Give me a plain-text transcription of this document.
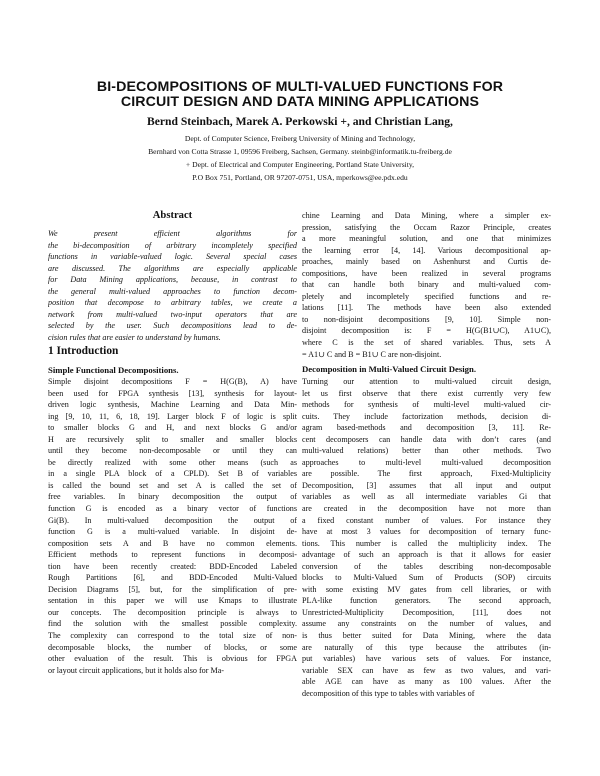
BI-DECOMPOSITIONS OF MULTI-VALUED FUNCTIONS FOR
CIRCUIT DESIGN AND DATA MINING APPLICATIONS
Bernd Steinbach, Marek A. Perkowski +, and Christian Lang,
Dept. of Computer Science, Freiberg University of Mining and Technology,
Bernhard von Cotta Strasse 1, 09596 Freiberg, Sachsen, Germany. steinb@informatik.tu-freiberg.de
+ Dept. of Electrical and Computer Engineering, Portland State University,
P.O Box 751, Portland, OR 97207-0751, USA, mperkows@ee.pdx.edu
Abstract
We present efficient algorithms for
the bi-decomposition of arbitrary incompletely specified
functions in variable-valued logic. Several special cases
are discussed. The algorithms are especially applicable
for Data Mining applications, because, in contrast to
the general multi-valued approaches to function decom-
position that decompose to arbitrary tables, we create a
network from multi-valued two-input operators that are
selected by the user. Such decompositions lead to de-
cision rules that are easier to understand by humans.
1 Introduction
Simple Functional Decompositions.
Simple disjoint decompositions F = H(G(B), A) have
been used for FPGA synthesis [13], synthesis for layout-
driven logic synthesis, Machine Learning and Data Min-
ing [9, 10, 11, 6, 18, 19]. Larger block F of logic is split
to smaller blocks G and H, and next blocks G and/or
H are recursively split to smaller and smaller blocks
until they become non-decomposable or until they can
be directly realized with some other means (such as
in a single PLA block of a CPLD). Set B of variables
is called the bound set and set A is called the set of
free variables. In binary decomposition the output of
function G is encoded as a binary vector of functions
Gi(B). In multi-valued decomposition the output of
function G is a multi-valued variable. In disjoint de-
composition sets A and B have no common elements.
Efficient methods to represent functions in decomposi-
tion have been recently created: BDD-Encoded Labeled
Rough Partitions [6], and BDD-Encoded Multi-Valued
Decision Diagrams [5], but, for the simplification of pre-
sentation in this paper we will use Kmaps to illustrate
our concepts. The decomposition principle is always to
find the solution with the smallest possible complexity.
The complexity can correspond to the total size of non-
decomposable blocks, the number of blocks, or some
other evaluation of the result. This is obvious for FPGA
or layout circuit applications, but it holds also for Ma-
chine Learning and Data Mining, where a simpler ex-
pression, satisfying the Occam Razor Principle, creates
a more meaningful solution, and one that minimizes
the learning error [4, 14]. Various decompositional ap-
proaches, mainly based on Ashenhurst and Curtis de-
compositions, have been realized in several programs
that can handle both binary and multi-valued com-
pletely and incompletely specified functions and re-
lations [11]. The methods have been also extended
to non-disjoint decompositions [9, 10]. Simple non-
disjoint decomposition is: F = H(G(B1∪C), A1∪C),
where C is the set of shared variables. Thus, sets A
= A1∪ C and B = B1∪ C are non-disjoint.
Decomposition in Multi-Valued Circuit Design.
Turning our attention to multi-valued circuit design,
let us first observe that there exist currently very few
methods for synthesis of multi-level multi-valued cir-
cuits. They include factorization methods, decision di-
agram based-methods and decomposition [3, 11]. Re-
cent decomposers can handle data with don’t cares (and
multi-valued relations) better than other methods. Two
approaches to multi-level multi-valued decomposition
are possible. The first approach, Fixed-Multiplicity
Decomposition, [3] assumes that all input and output
variables as well as all intermediate variables Gi that
are created in the decomposition have not more than
a fixed constant number of values. For instance they
have at most 3 values for decomposition of ternary func-
tions. This number is called the multiplicity index. The
advantage of such an approach is that it allows for easier
conversion of the tables describing non-decomposable
blocks to Multi-Valued Sum of Products (SOP) circuits
with some existing MV gates from cell libraries, or with
PLA-like function generators. The second approach,
Unrestricted-Multiplicity Decomposition, [11], does not
assume any constraints on the number of values, and
is thus better suited for Data Mining, where the data
are naturally of this type because the attributes (in-
put variables) have various sets of values. For instance,
variable SEX can have as few as two values, and vari-
able AGE can have as many as 100 values. After the
decomposition of this type to tables with variables of
